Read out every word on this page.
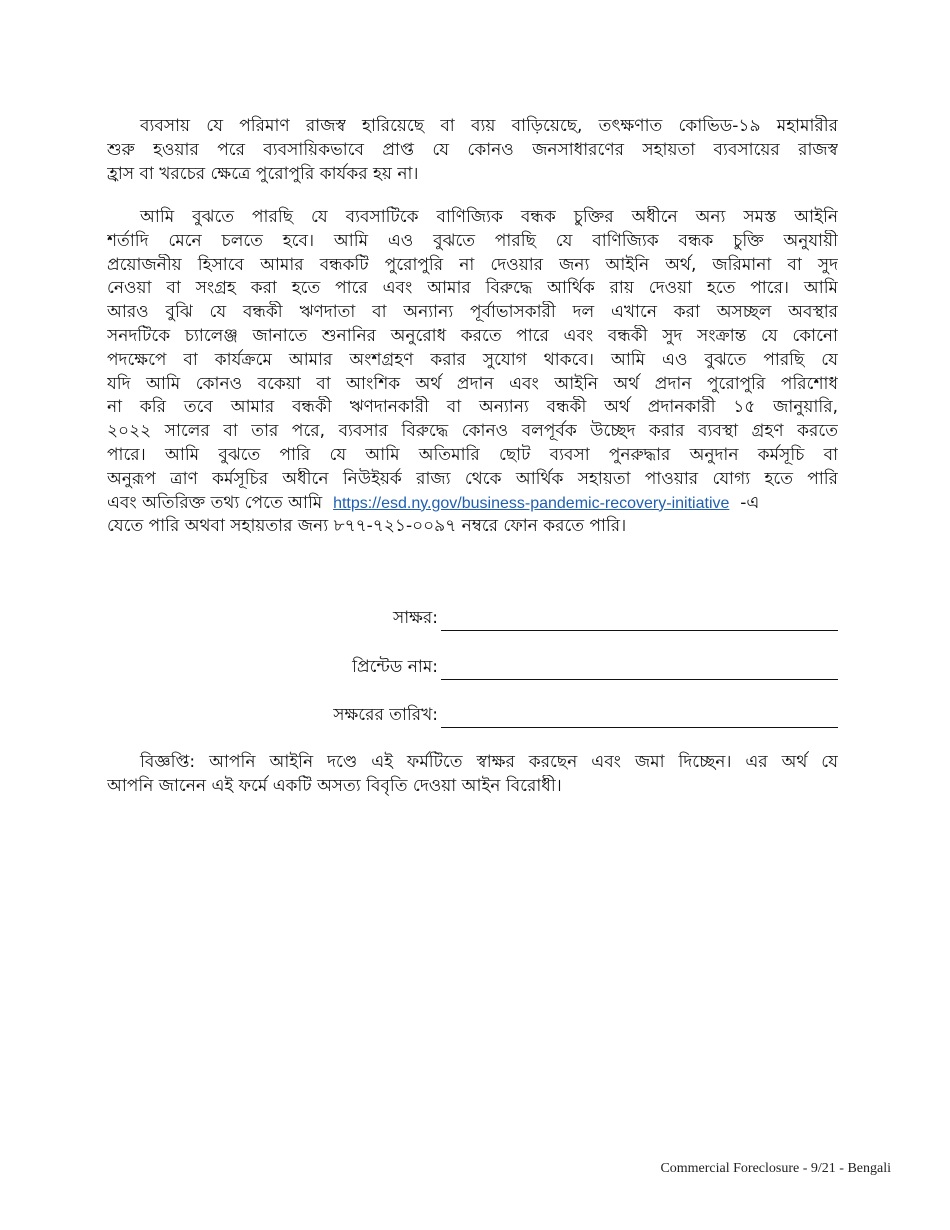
ব্যবসায় যে পরিমাণ রাজস্ব হারিয়েছে বা ব্যয় বাড়িয়েছে, তৎক্ষণাত কোভিড-১৯ মহামারীর
শুরু হওয়ার পরে ব্যবসায়িকভাবে প্রাপ্ত যে কোনও জনসাধারণের সহায়তা ব্যবসায়ের রাজস্ব
হ্রাস বা খরচের ক্ষেত্রে পুরোপুরি কার্যকর হয় না।
আমি বুঝতে পারছি যে ব্যবসাটিকে বাণিজ্যিক বন্ধক চুক্তির অধীনে অন্য সমস্ত আইনি
শর্তাদি মেনে চলতে হবে। আমি এও বুঝতে পারছি যে বাণিজ্যিক বন্ধক চুক্তি অনুযায়ী
প্রয়োজনীয় হিসাবে আমার বন্ধকটি পুরোপুরি না দেওয়ার জন্য আইনি অর্থ, জরিমানা বা সুদ
নেওয়া বা সংগ্রহ করা হতে পারে এবং আমার বিরুদ্ধে আর্থিক রায় দেওয়া হতে পারে। আমি
আরও বুঝি যে বন্ধকী ঋণদাতা বা অন্যান্য পূর্বাভাসকারী দল এখানে করা অসচ্ছল অবস্থার
সনদটিকে চ্যালেঞ্জ জানাতে শুনানির অনুরোধ করতে পারে এবং বন্ধকী সুদ সংক্রান্ত যে কোনো
পদক্ষেপে বা কার্যক্রমে আমার অংশগ্রহণ করার সুযোগ থাকবে। আমি এও বুঝতে পারছি যে
যদি আমি কোনও বকেয়া বা আংশিক অর্থ প্রদান এবং আইনি অর্থ প্রদান পুরোপুরি পরিশোধ
না করি তবে আমার বন্ধকী ঋণদানকারী বা অন্যান্য বন্ধকী অর্থ প্রদানকারী ১৫ জানুয়ারি,
২০২২ সালের বা তার পরে, ব্যবসার বিরুদ্ধে কোনও বলপূর্বক উচ্ছেদ করার ব্যবস্থা গ্রহণ করতে
পারে। আমি বুঝতে পারি যে আমি অতিমারি ছোট ব্যবসা পুনরুদ্ধার অনুদান কর্মসূচি বা
অনুরূপ ত্রাণ কর্মসূচির অধীনে নিউইয়র্ক রাজ্য থেকে আর্থিক সহায়তা পাওয়ার যোগ্য হতে পারি
এবং অতিরিক্ত তথ্য পেতে আমি https://esd.ny.gov/business-pandemic-recovery-initiative -এ
যেতে পারি অথবা সহায়তার জন্য ৮৭৭-৭২১-০০৯৭ নম্বরে ফোন করতে পারি।
সাক্ষর:
প্রিন্টেড নাম:
সক্ষরের তারিখ:
বিজ্ঞপ্তি: আপনি আইনি দণ্ডে এই ফর্মটিতে স্বাক্ষর করছেন এবং জমা দিচ্ছেন। এর অর্থ যে
আপনি জানেন এই ফর্মে একটি অসত্য বিবৃতি দেওয়া আইন বিরোধী।
Commercial Foreclosure - 9/21 - Bengali
